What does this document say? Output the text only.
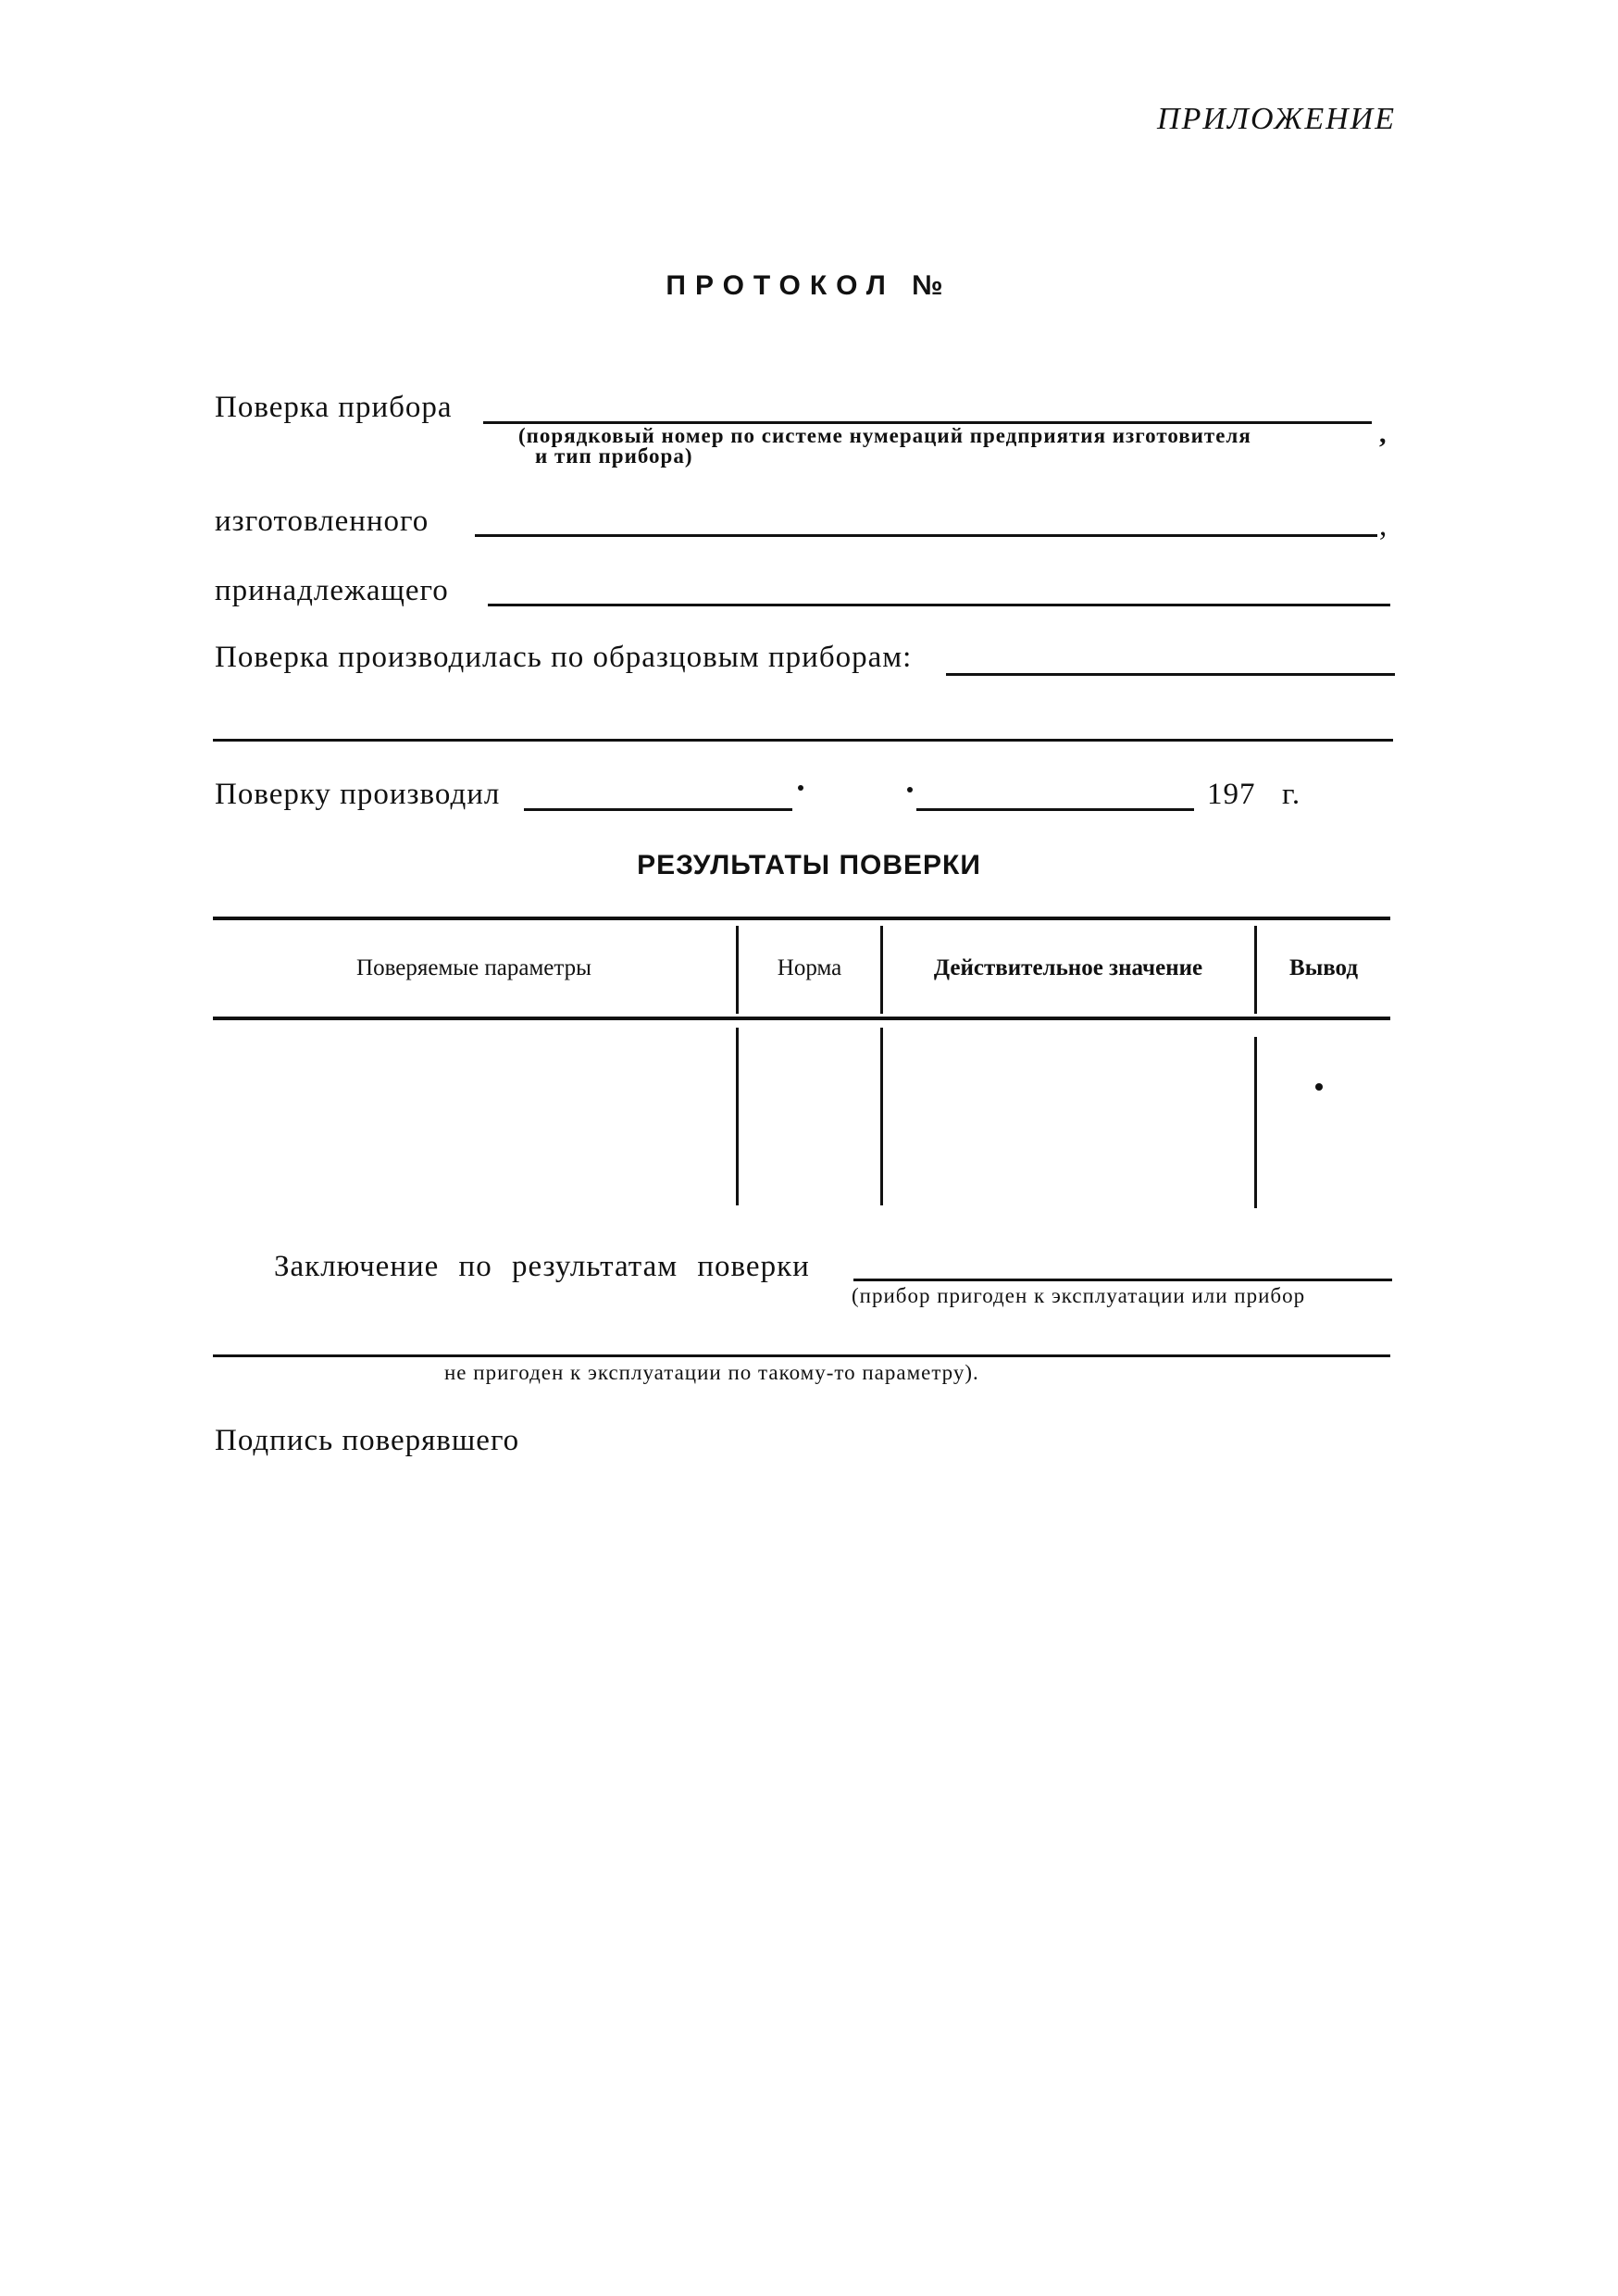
ПРИЛОЖЕНИЕ
ПРОТОКОЛ №
Поверка прибора
(порядковый номер по системе нумераций предприятия изготовителя	,
и тип прибора)
изготовленного	,
принадлежащего
Поверка производилась по образцовым приборам:
Поверку производил	197 г.
РЕЗУЛЬТАТЫ ПОВЕРКИ
Поверяемые параметры	Норма	Действительное значение	Вывод
Заключение по результатам поверки
(прибор пригоден к эксплуатации или прибор
не пригоден к эксплуатации по такому-то параметру).
Подпись поверявшего
